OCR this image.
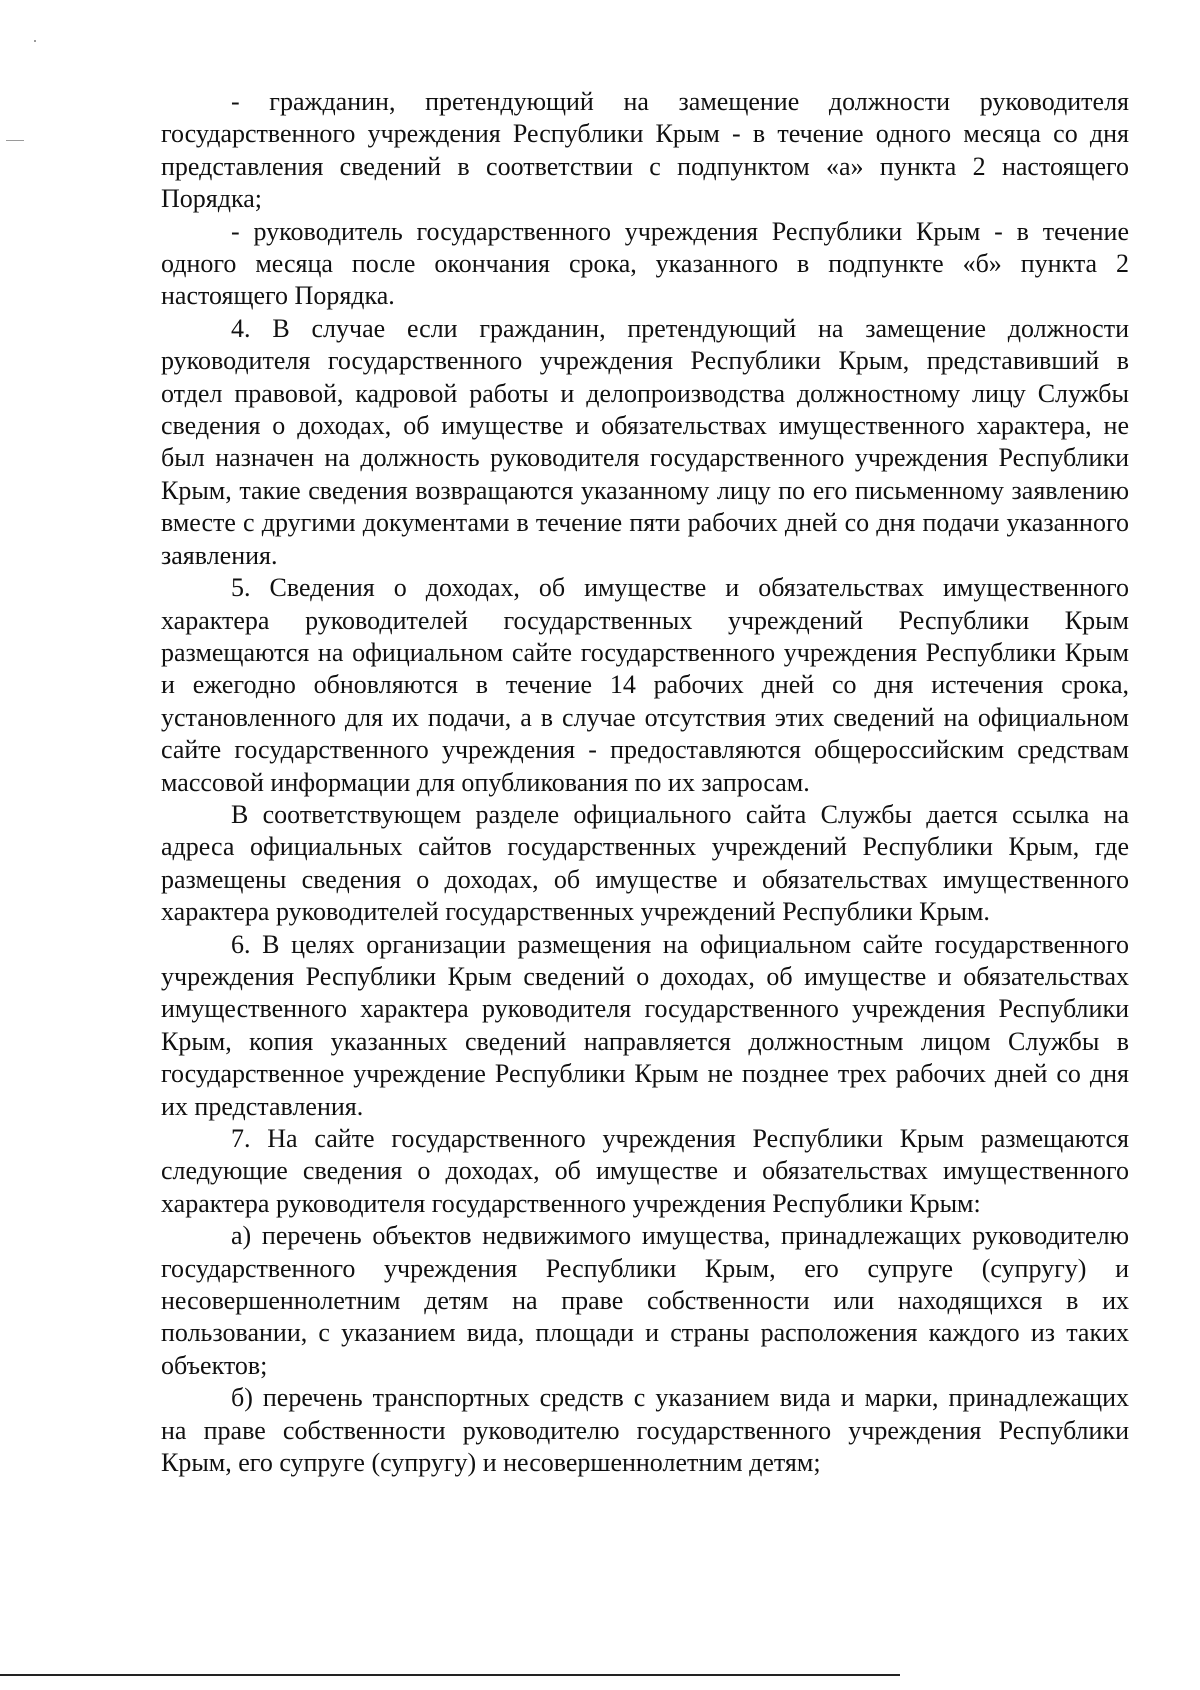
- гражданин, претендующий на замещение должности руководителя государственного учреждения Республики Крым - в течение одного месяца со дня представления сведений в соответствии с подпунктом «а» пункта 2 настоящего Порядка;

- руководитель государственного учреждения Республики Крым - в течение одного месяца после окончания срока, указанного в подпункте «б» пункта 2 настоящего Порядка.

4. В случае если гражданин, претендующий на замещение должности руководителя государственного учреждения Республики Крым, представивший в отдел правовой, кадровой работы и делопроизводства должностному лицу Службы сведения о доходах, об имуществе и обязательствах имущественного характера, не был назначен на должность руководителя государственного учреждения Республики Крым, такие сведения возвращаются указанному лицу по его письменному заявлению вместе с другими документами в течение пяти рабочих дней со дня подачи указанного заявления.

5. Сведения о доходах, об имуществе и обязательствах имущественного характера руководителей государственных учреждений Республики Крым размещаются на официальном сайте государственного учреждения Республики Крым и ежегодно обновляются в течение 14 рабочих дней со дня истечения срока, установленного для их подачи, а в случае отсутствия этих сведений на официальном сайте государственного учреждения - предоставляются общероссийским средствам массовой информации для опубликования по их запросам.

В соответствующем разделе официального сайта Службы дается ссылка на адреса официальных сайтов государственных учреждений Республики Крым, где размещены сведения о доходах, об имуществе и обязательствах имущественного характера руководителей государственных учреждений Республики Крым.

6. В целях организации размещения на официальном сайте государственного учреждения Республики Крым сведений о доходах, об имуществе и обязательствах имущественного характера руководителя государственного учреждения Республики Крым, копия указанных сведений направляется должностным лицом Службы в государственное учреждение Республики Крым не позднее трех рабочих дней со дня их представления.

7. На сайте государственного учреждения Республики Крым размещаются следующие сведения о доходах, об имуществе и обязательствах имущественного характера руководителя государственного учреждения Республики Крым:

а) перечень объектов недвижимого имущества, принадлежащих руководителю государственного учреждения Республики Крым, его супруге (супругу) и несовершеннолетним детям на праве собственности или находящихся в их пользовании, с указанием вида, площади и страны расположения каждого из таких объектов;

б) перечень транспортных средств с указанием вида и марки, принадлежащих на праве собственности руководителю государственного учреждения Республики Крым, его супруге (супругу) и несовершеннолетним детям;
